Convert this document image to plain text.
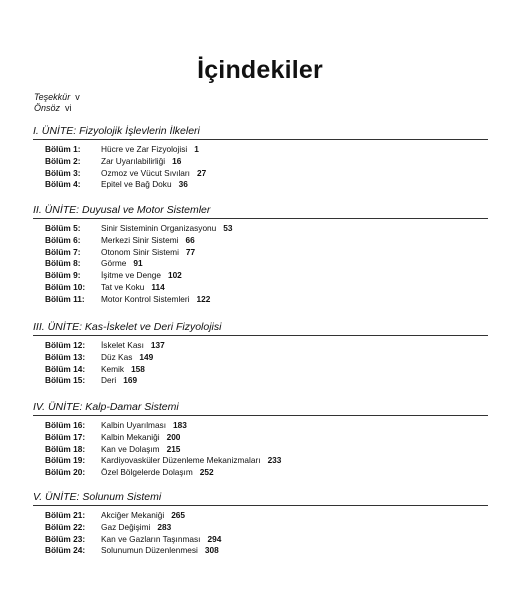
İçindekiler
Teşekkür v
Önsöz vi
I. ÜNİTE: Fizyolojik İşlevlerin İlkeleri
Bölüm 1: Hücre ve Zar Fizyolojisi 1
Bölüm 2: Zar Uyarılabilirliği 16
Bölüm 3: Ozmoz ve Vücut Sıvıları 27
Bölüm 4: Epitel ve Bağ Doku 36
II. ÜNİTE: Duyusal ve Motor Sistemler
Bölüm 5: Sinir Sisteminin Organizasyonu 53
Bölüm 6: Merkezi Sinir Sistemi 66
Bölüm 7: Otonom Sinir Sistemi 77
Bölüm 8: Görme 91
Bölüm 9: İşitme ve Denge 102
Bölüm 10: Tat ve Koku 114
Bölüm 11: Motor Kontrol Sistemleri 122
III. ÜNİTE: Kas-İskelet ve Deri Fizyolojisi
Bölüm 12: İskelet Kası 137
Bölüm 13: Düz Kas 149
Bölüm 14: Kemik 158
Bölüm 15: Deri 169
IV. ÜNİTE: Kalp-Damar Sistemi
Bölüm 16: Kalbin Uyarılması 183
Bölüm 17: Kalbin Mekaniği 200
Bölüm 18: Kan ve Dolaşım 215
Bölüm 19: Kardiyovasküler Düzenleme Mekanizmaları 233
Bölüm 20: Özel Bölgelerde Dolaşım 252
V. ÜNİTE: Solunum Sistemi
Bölüm 21: Akciğer Mekaniği 265
Bölüm 22: Gaz Değişimi 283
Bölüm 23: Kan ve Gazların Taşınması 294
Bölüm 24: Solunumun Düzenlenmesi 308
